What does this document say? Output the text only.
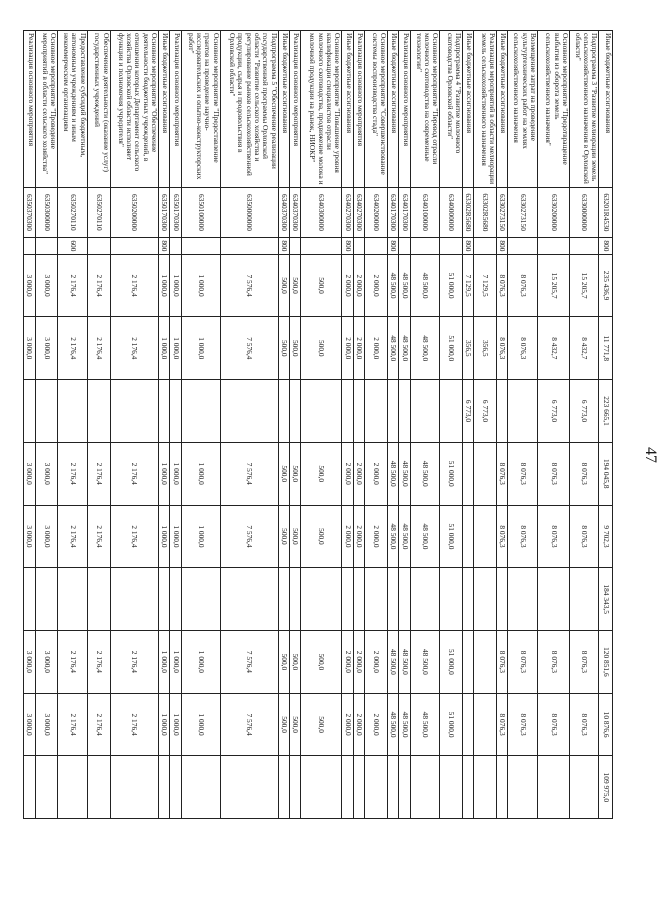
47
Иные бюджетные ассигнования	63201R4530	800	235 436,9	11 771,8	223 665,1	194 045,8	9 702,3	184 343,5	120 851,6	10 876,6	109 975,0
Подпрограмма 3 "Развитие мелиорации земель сельскохозяйственного назначения в Орловской области"	6330000000		15 205,7	8 432,7	6 773,0	8 076,3	8 076,3		8 076,3	8 076,3	
Основное мероприятие "Предотвращение выбытия из оборота земель сельскохозяйственного назначения"	6330200000		15 205,7	8 432,7	6 773,0	8 076,3	8 076,3		8 076,3	8 076,3	
Возмещение затрат на проведение культуртехнических работ на землях сельскохозяйственного назначения	6330273150		8 076,3	8 076,3		8 076,3	8 076,3		8 076,3	8 076,3	
Иные бюджетные ассигнования	6330273150	800	8 076,3	8 076,3		8 076,3	8 076,3		8 076,3	8 076,3	
Реализация мероприятий в области мелиорации земель сельскохозяйственного назначения	63302R5680		7 129,5	356,5	6 773,0						
Иные бюджетные ассигнования	63302R5680	800	7 129,5	356,5	6 773,0						
Подпрограмма 4 "Развитие молочного скотоводства Орловской области"	6340000000		51 000,0	51 000,0		51 000,0	51 000,0		51 000,0	51 000,0	
Основное мероприятие "Перевод отрасли молочного скотоводства на современные технологии"	6340100000		48 500,0	48 500,0		48 500,0	48 500,0		48 500,0	48 500,0	
Реализация основного мероприятия	6340170300		48 500,0	48 500,0		48 500,0	48 500,0		48 500,0	48 500,0	
Иные бюджетные ассигнования	6340170300	800	48 500,0	48 500,0		48 500,0	48 500,0		48 500,0	48 500,0	
Основное мероприятие "Совершенствование системы воспроизводства стада"	6340200000		2 000,0	2 000,0		2 000,0	2 000,0		2 000,0	2 000,0	
Реализация основного мероприятия	6340270300		2 000,0	2 000,0		2 000,0	2 000,0		2 000,0	2 000,0	
Иные бюджетные ассигнования	6340270300	800	2 000,0	2 000,0		2 000,0	2 000,0		2 000,0	2 000,0	
Основное мероприятие "Повышение уровня квалификации специалистов отрасли молочного скотоводства, продвижение молока и молочной продукции на рынок, НИОКР"	6340300000		500,0	500,0		500,0	500,0		500,0	500,0	
Реализация основного мероприятия	6340370300		500,0	500,0		500,0	500,0		500,0	500,0	
Иные бюджетные ассигнования	6340370300	800	500,0	500,0		500,0	500,0		500,0	500,0	
Подпрограмма 5 "Обеспечение реализации государственной программы Орловской области "Развитие сельского хозяйства и регулирование рынков сельскохозяйственной продукции, сырья и продовольствия в Орловской области"	6350000000		7 576,4	7 576,4		7 576,4	7 576,4		7 576,4	7 576,4	
Основное мероприятие "Предоставление грантов на проведение научно-исследовательских и опытно-конструкторских работ"	6350100000		1 000,0	1 000,0		1 000,0	1 000,0		1 000,0	1 000,0	
Реализация основного мероприятия	6350170300		1 000,0	1 000,0		1 000,0	1 000,0		1 000,0	1 000,0	
Иные бюджетные ассигнования	6350170300	800	1 000,0	1 000,0		1 000,0	1 000,0		1 000,0	1 000,0	
Основное мероприятие "Обеспечение деятельности бюджетных учреждений, в отношении которых Департамент сельского хозяйства Орловской области исполняет функции и полномочия учредителя"	6350200000		2 176,4	2 176,4		2 176,4	2 176,4		2 176,4	2 176,4	
Обеспечение деятельности (оказание услуг) государственных учреждений	6350270110		2 176,4	2 176,4		2 176,4	2 176,4		2 176,4	2 176,4	
Предоставление субсидий бюджетным, автономным учреждениям и иным некоммерческим организациям	6350270110	600	2 176,4	2 176,4		2 176,4	2 176,4		2 176,4	2 176,4	
Основное мероприятие "Проведение мероприятий в области сельского хозяйства"	6350300000		3 000,0	3 000,0		3 000,0	3 000,0		3 000,0	3 000,0	
Реализация основного мероприятия	6350370300		3 000,0	3 000,0		3 000,0	3 000,0		3 000,0	3 000,0	
